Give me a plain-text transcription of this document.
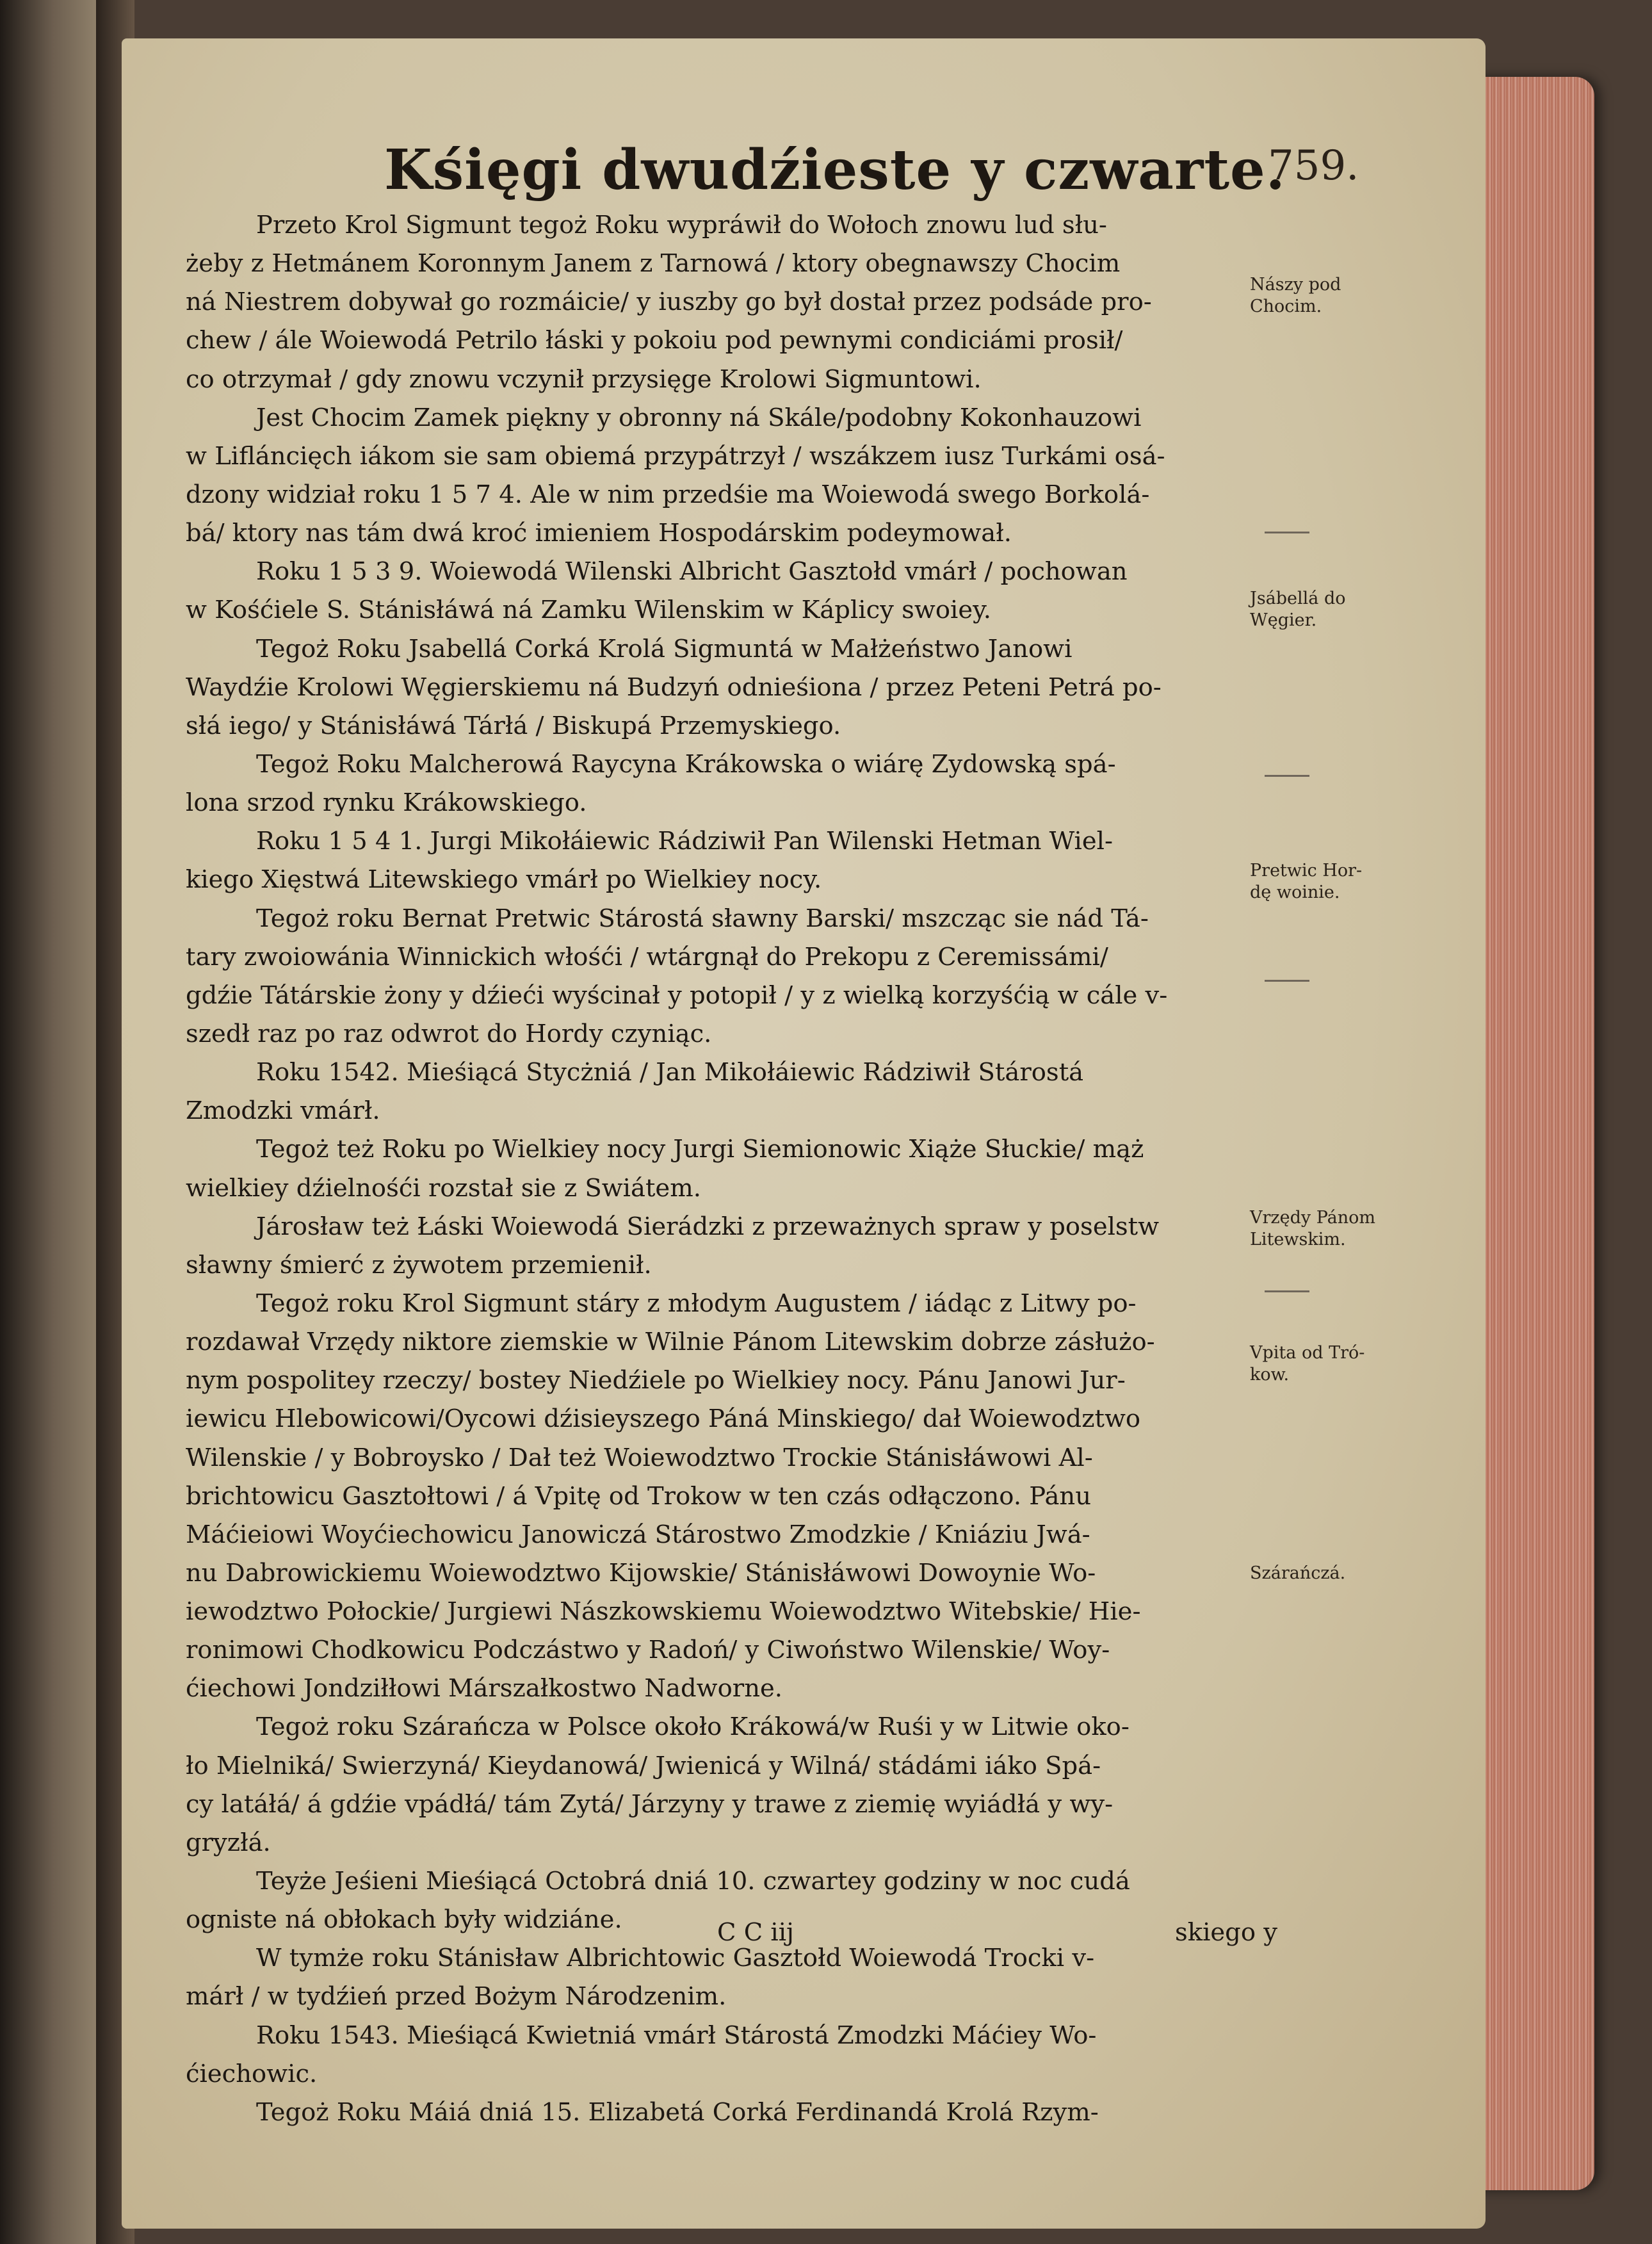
Kśięgi dwudźieste y czwarte.
759.
Przeto Krol Sigmunt tegoż Roku wypráwił do Wołoch znowu lud słu-
żeby z Hetmánem Koronnym Janem z Tarnowá / ktory obegnawszy Chocim
ná Niestrem dobywał go rozmáicie/ y iuszby go był dostał przez podsáde pro-
chew / ále Woiewodá Petrilo łáski y pokoiu pod pewnymi condiciámi prosił/
co otrzymał / gdy znowu vczynił przysięge Krolowi Sigmuntowi.
Jest Chocim Zamek piękny y obronny ná Skále/podobny Kokonhauzowi
w Lifláncięch iákom sie sam obiemá przypátrzył / wszákzem iusz Turkámi osá-
dzony widział roku 1 5 7 4. Ale w nim przedśie ma Woiewodá swego Borkolá-
bá/ ktory nas tám dwá kroć imieniem Hospodárskim podeymował.
Roku 1 5 3 9. Woiewodá Wilenski Albricht Gasztołd vmárł / pochowan
w Kośćiele S. Stánisłáwá ná Zamku Wilenskim w Káplicy swoiey.
Tegoż Roku Jsabellá Corká Krolá Sigmuntá w Małżeństwo Janowi
Waydźie Krolowi Węgierskiemu ná Budzyń odnieśiona / przez Peteni Petrá po-
słá iego/ y Stánisłáwá Tárłá / Biskupá Przemyskiego.
Tegoż Roku Malcherowá Raycyna Krákowska o wiárę Zydowską spá-
lona srzod rynku Krákowskiego.
Roku 1 5 4 1. Jurgi Mikołáiewic Rádziwił Pan Wilenski Hetman Wiel-
kiego Xięstwá Litewskiego vmárł po Wielkiey nocy.
Tegoż roku Bernat Pretwic Stárostá sławny Barski/ mszcząc sie nád Tá-
tary zwoiowánia Winnickich włośći / wtárgnął do Prekopu z Ceremissámi/
gdźie Tátárskie żony y dźieći wyścinał y potopił / y z wielką korzyśćią w cále v-
szedł raz po raz odwrot do Hordy czyniąc.
Roku 1542. Mieśiącá Stycżniá / Jan Mikołáiewic Rádziwił Stárostá
Zmodzki vmárł.
Tegoż też Roku po Wielkiey nocy Jurgi Siemionowic Xiąże Słuckie/ mąż
wielkiey dźielnośći rozstał sie z Swiátem.
Járosław też Łáski Woiewodá Sierádzki z przeważnych spraw y poselstw
sławny śmierć z żywotem przemienił.
Tegoż roku Krol Sigmunt stáry z młodym Augustem / iádąc z Litwy po-
rozdawał Vrzędy niktore ziemskie w Wilnie Pánom Litewskim dobrze zásłużo-
nym pospolitey rzeczy/ bostey Niedźiele po Wielkiey nocy. Pánu Janowi Jur-
iewicu Hlebowicowi/Oycowi dźisieyszego Páná Minskiego/ dał Woiewodztwo
Wilenskie / y Bobroysko / Dał też Woiewodztwo Trockie Stánisłáwowi Al-
brichtowicu Gasztołtowi / á Vpitę od Trokow w ten czás odłączono. Pánu
Máćieiowi Woyćiechowicu Janowiczá Stárostwo Zmodzkie / Kniáziu Jwá-
nu Dabrowickiemu Woiewodztwo Kijowskie/ Stánisłáwowi Dowoynie Wo-
iewodztwo Połockie/ Jurgiewi Nászkowskiemu Woiewodztwo Witebskie/ Hie-
ronimowi Chodkowicu Podczástwo y Radoń/ y Ciwoństwo Wilenskie/ Woy-
ćiechowi Jondziłłowi Márszałkostwo Nadworne.
Tegoż roku Szárańcza w Polsce około Krákowá/w Ruśi y w Litwie oko-
ło Mielniká/ Swierzyná/ Kieydanowá/ Jwienicá y Wilná/ stádámi iáko Spá-
cy latáłá/ á gdźie vpádłá/ tám Zytá/ Járzyny y trawe z ziemię wyiádłá y wy-
gryzłá.
Teyże Jeśieni Mieśiącá Octobrá dniá 10. czwartey godziny w noc cudá
ogniste ná obłokach były widziáne.
W tymże roku Stánisław Albrichtowic Gasztołd Woiewodá Trocki v-
márł / w tydźień przed Bożym Národzenim.
Roku 1543. Mieśiącá Kwietniá vmárł Stárostá Zmodzki Máćiey Wo-
ćiechowic.
Tegoż Roku Máiá dniá 15. Elizabetá Corká Ferdinandá Krolá Rzym-
C C iij	skiego y
Nászy pod
Chocim.
Jsábellá do
Węgier.
Pretwic Hor-
dę woinie.
Vrzędy Pánom
Litewskim.
Vpita od Tró-
kow.
Szárańczá.
